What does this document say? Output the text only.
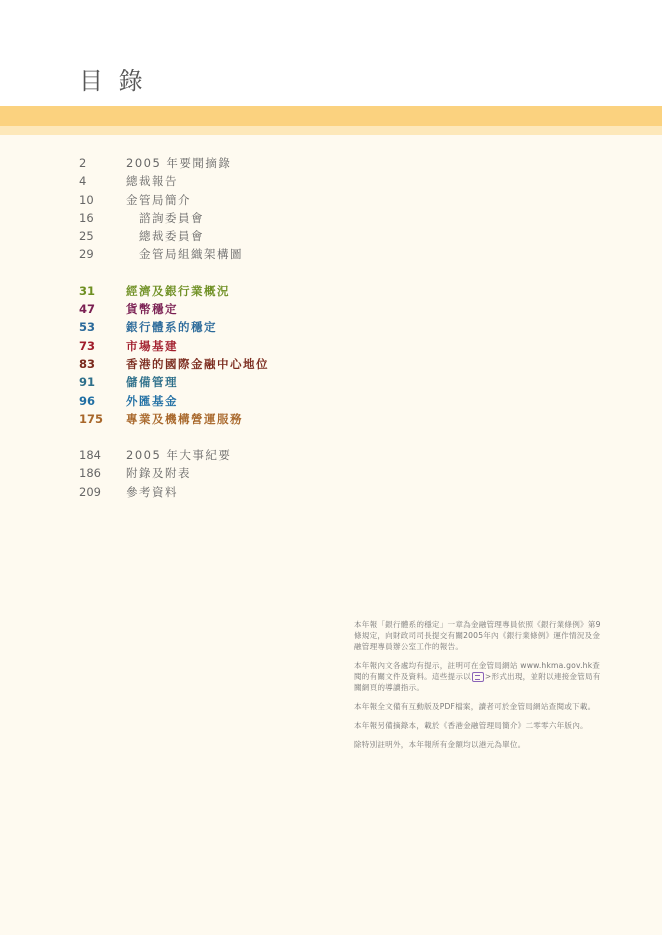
目 錄
2	2005 年要聞摘錄
4	總裁報告
10	金管局簡介
16	諮詢委員會
25	總裁委員會
29	金管局組織架構圖
31	經濟及銀行業概況
47	貨幣穩定
53	銀行體系的穩定
73	市場基建
83	香港的國際金融中心地位
91	儲備管理
96	外匯基金
175	專業及機構營運服務
184	2005 年大事紀要
186	附錄及附表
209	參考資料

本年報「銀行體系的穩定」一章為金融管理專員依照《銀行業條例》第9條規定，向財政司司長提交有關2005年內《銀行業條例》運作情況及金融管理專員辦公室工作的報告。

本年報內文各處均有提示，註明可在金管局網站 www.hkma.gov.hk查閱的有關文件及資料。這些提示以 >形式出現，並附以連接金管局有關網頁的導讀指示。

本年報全文備有互動版及PDF檔案，讀者可於金管局網站查閱或下載。

本年報另備摘錄本，載於《香港金融管理局簡介》二零零六年版內。

除特別註明外，本年報所有金額均以港元為單位。
